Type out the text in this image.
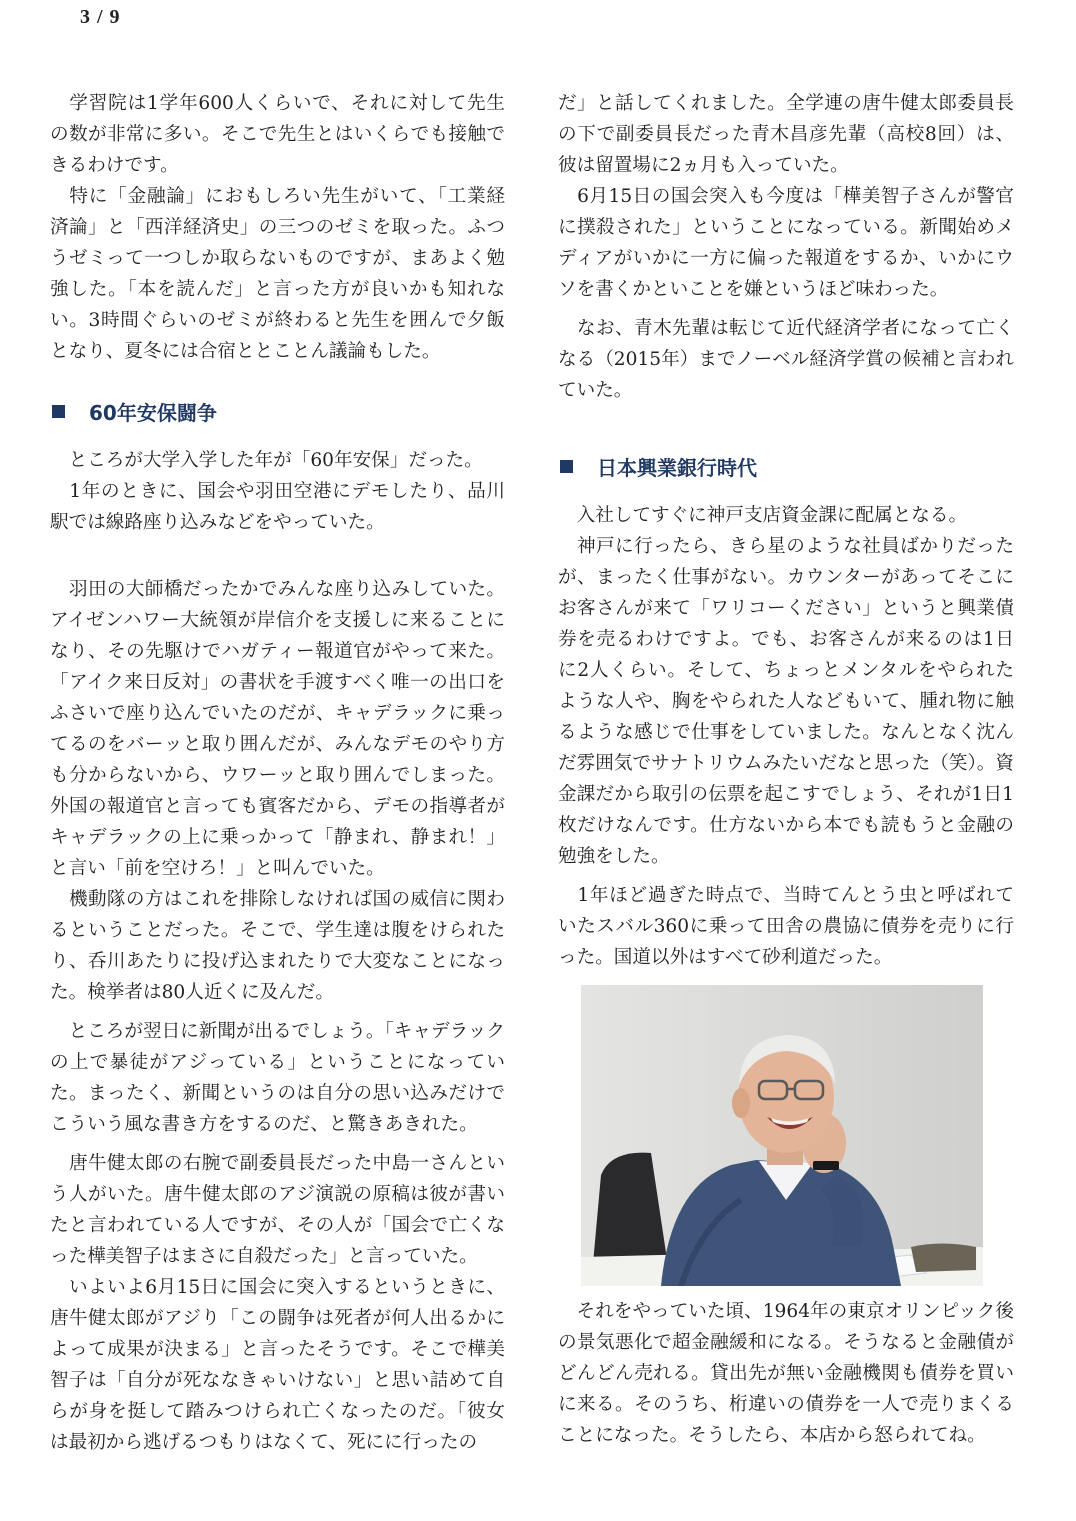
3 / 9

　学習院は1学年600人くらいで、それに対して先生の数が非常に多い。そこで先生とはいくらでも接触できるわけです。

　特に「金融論」におもしろい先生がいて、「工業経済論」と「西洋経済史」の三つのゼミを取った。ふつうゼミって一つしか取らないものですが、まあよく勉強した。「本を読んだ」と言った方が良いかも知れない。3時間ぐらいのゼミが終わると先生を囲んで夕飯となり、夏冬には合宿ととことん議論もした。

60年安保闘争

　ところが大学入学した年が「60年安保」だった。

　1年のときに、国会や羽田空港にデモしたり、品川駅では線路座り込みなどをやっていた。

　羽田の大師橋だったかでみんな座り込みしていた。アイゼンハワー大統領が岸信介を支援しに来ることになり、その先駆けでハガティー報道官がやって来た。「アイク来日反対」の書状を手渡すべく唯一の出口をふさいで座り込んでいたのだが、キャデラックに乗ってるのをバーッと取り囲んだが、みんなデモのやり方も分からないから、ウワーッと取り囲んでしまった。外国の報道官と言っても賓客だから、デモの指導者がキャデラックの上に乗っかって「静まれ、静まれ！」と言い「前を空けろ！」と叫んでいた。

　機動隊の方はこれを排除しなければ国の威信に関わるということだった。そこで、学生達は腹をけられたり、呑川あたりに投げ込まれたりで大変なことになった。検挙者は80人近くに及んだ。

　ところが翌日に新聞が出るでしょう。「キャデラックの上で暴徒がアジっている」ということになっていた。まったく、新聞というのは自分の思い込みだけでこういう風な書き方をするのだ、と驚きあきれた。

　唐牛健太郎の右腕で副委員長だった中島一さんという人がいた。唐牛健太郎のアジ演説の原稿は彼が書いたと言われている人ですが、その人が「国会で亡くなった樺美智子はまさに自殺だった」と言っていた。

　いよいよ6月15日に国会に突入するというときに、唐牛健太郎がアジり「この闘争は死者が何人出るかによって成果が決まる」と言ったそうです。そこで樺美智子は「自分が死ななきゃいけない」と思い詰めて自らが身を挺して踏みつけられ亡くなったのだ。「彼女は最初から逃げるつもりはなくて、死にに行ったの

だ」と話してくれました。全学連の唐牛健太郎委員長の下で副委員長だった青木昌彦先輩（高校8回）は、彼は留置場に2ヵ月も入っていた。

　6月15日の国会突入も今度は「樺美智子さんが警官に撲殺された」ということになっている。新聞始めメディアがいかに一方に偏った報道をするか、いかにウソを書くかといことを嫌というほど味わった。

　なお、青木先輩は転じて近代経済学者になって亡くなる（2015年）までノーベル経済学賞の候補と言われていた。

日本興業銀行時代

　入社してすぐに神戸支店資金課に配属となる。

　神戸に行ったら、きら星のような社員ばかりだったが、まったく仕事がない。カウンターがあってそこにお客さんが来て「ワリコーください」というと興業債券を売るわけですよ。でも、お客さんが来るのは1日に2人くらい。そして、ちょっとメンタルをやられたような人や、胸をやられた人などもいて、腫れ物に触るような感じで仕事をしていました。なんとなく沈んだ雰囲気でサナトリウムみたいだなと思った（笑）。資金課だから取引の伝票を起こすでしょう、それが1日1枚だけなんです。仕方ないから本でも読もうと金融の勉強をした。

　1年ほど過ぎた時点で、当時てんとう虫と呼ばれていたスバル360に乗って田舎の農協に債券を売りに行った。国道以外はすべて砂利道だった。

　それをやっていた頃、1964年の東京オリンピック後の景気悪化で超金融緩和になる。そうなると金融債がどんどん売れる。貸出先が無い金融機関も債券を買いに来る。そのうち、桁違いの債券を一人で売りまくることになった。そうしたら、本店から怒られてね。
